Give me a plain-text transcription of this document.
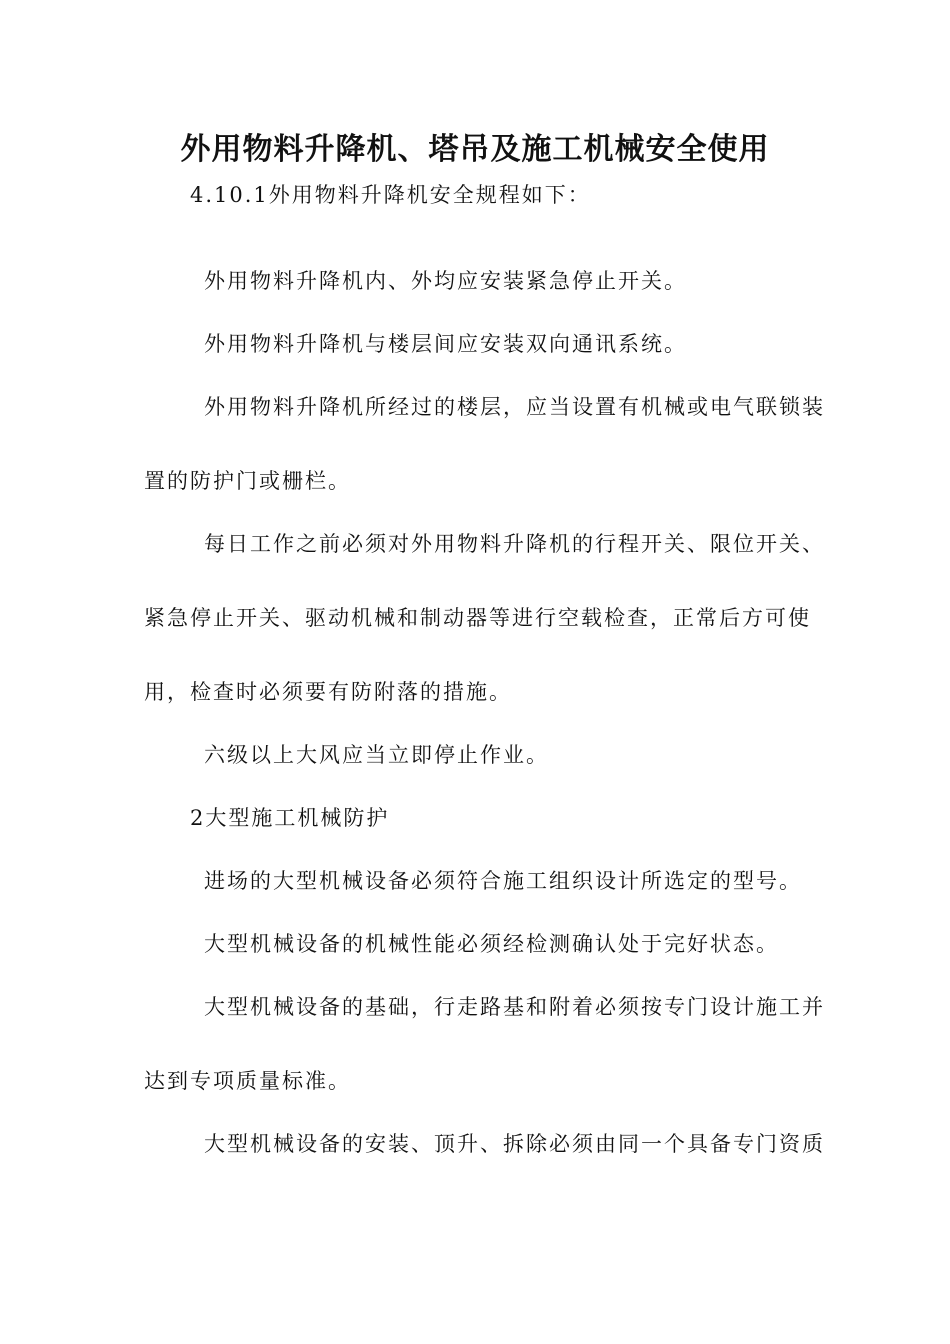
外用物料升降机、塔吊及施工机械安全使用
4.10.1外用物料升降机安全规程如下：
外用物料升降机内、外均应安装紧急停止开关。
外用物料升降机与楼层间应安装双向通讯系统。
外用物料升降机所经过的楼层，应当设置有机械或电气联锁装
置的防护门或栅栏。
每日工作之前必须对外用物料升降机的行程开关、限位开关、
紧急停止开关、驱动机械和制动器等进行空载检查，正常后方可使
用，检查时必须要有防附落的措施。
六级以上大风应当立即停止作业。
2大型施工机械防护
进场的大型机械设备必须符合施工组织设计所选定的型号。
大型机械设备的机械性能必须经检测确认处于完好状态。
大型机械设备的基础，行走路基和附着必须按专门设计施工并
达到专项质量标准。
大型机械设备的安装、顶升、拆除必须由同一个具备专门资质
